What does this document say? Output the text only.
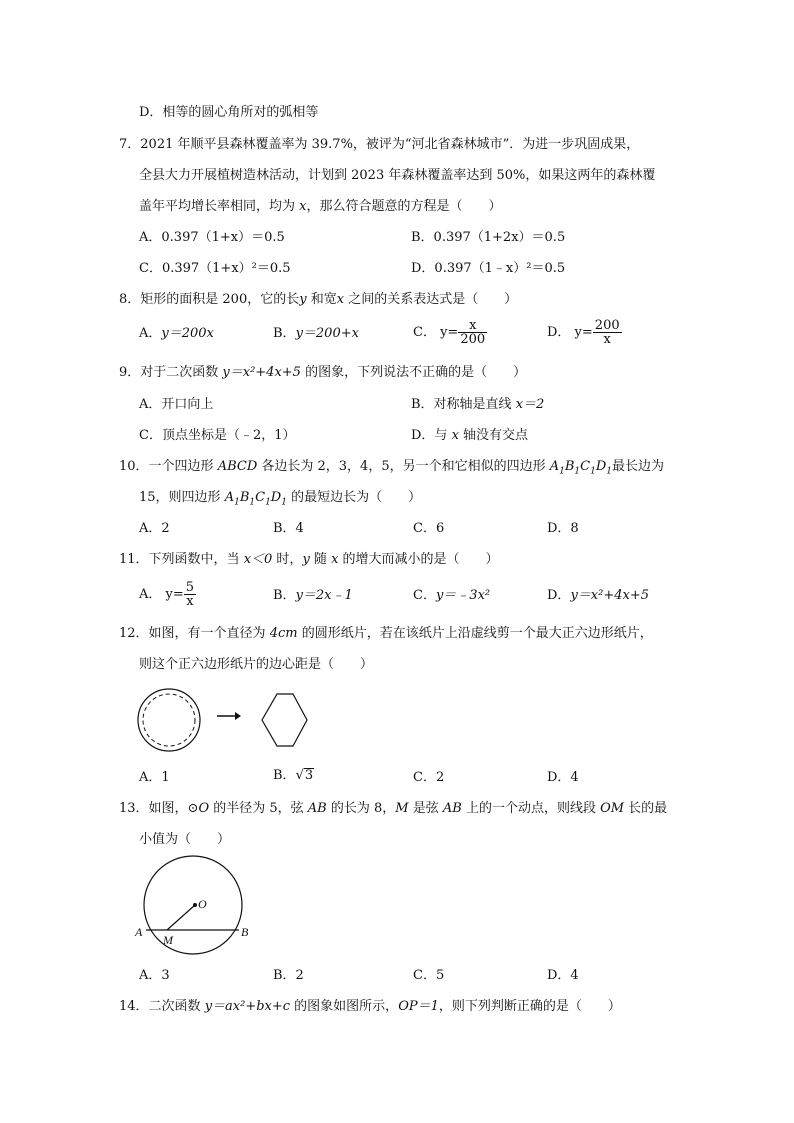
D．相等的圆心角所对的弧相等
7．2021 年顺平县森林覆盖率为 39.7%，被评为“河北省森林城市”．为进一步巩固成果，
全县大力开展植树造林活动，计划到 2023 年森林覆盖率达到 50%，如果这两年的森林覆
盖年平均增长率相同，均为 x，那么符合题意的方程是（　　）
A．0.397（1+x）＝0.5	B．0.397（1+2x）＝0.5
C．0.397（1+x）²＝0.5	D．0.397（1﹣x）²＝0.5
8．矩形的面积是 200，它的长y 和宽x 之间的关系表达式是（　　）
A．y＝200x	B．y＝200+x	C． $y= \frac{x}{200}$	D． $y= \frac{200}{x}$
9．对于二次函数 y＝x²+4x+5 的图象，下列说法不正确的是（　　）
A．开口向上	B．对称轴是直线 x＝2
C．顶点坐标是（﹣2，1）	D．与 x 轴没有交点
10．一个四边形 ABCD 各边长为 2，3，4，5，另一个和它相似的四边形 $A_1B_1C_1D_1$最长边为
15，则四边形 $A_1B_1C_1D_1$ 的最短边长为（　　）
A．2	B．4	C．6	D．8
11．下列函数中，当 x＜0 时，y 随 x 的增大而减小的是（　　）
A． $y= \frac{5}{x}$	B．y＝2x﹣1	C．y＝﹣3x²	D．y＝x²+4x+5
12．如图，有一个直径为 4cm 的圆形纸片，若在该纸片上沿虚线剪一个最大正六边形纸片，
则这个正六边形纸片的边心距是（　　）
A．1	B．√3	C．2	D．4
13．如图，⊙O 的半径为 5，弦 AB 的长为 8，M 是弦 AB 上的一个动点，则线段 OM 长的最
小值为（　　）
O
A	B
M
A．3	B．2	C．5	D．4
14．二次函数 y＝ax²+bx+c 的图象如图所示，OP＝1，则下列判断正确的是（　　）
